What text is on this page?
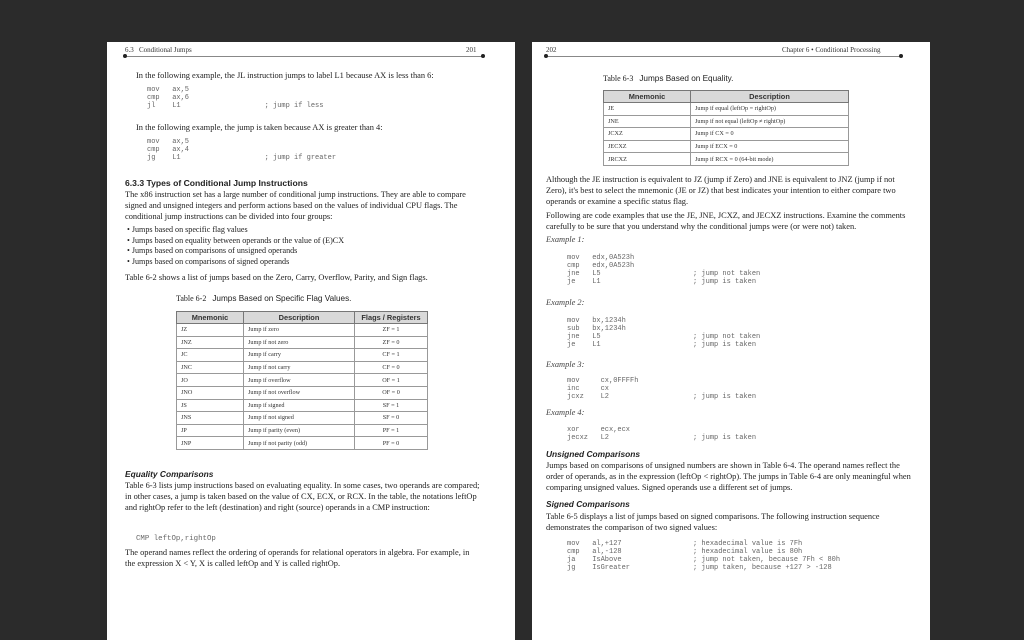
6.3 Conditional Jumps	201
In the following example, the JL instruction jumps to label L1 because AX is less than 6:
mov   ax,5
cmp   ax,6
jl    L1                    ; jump if less
In the following example, the jump is taken because AX is greater than 4:
mov   ax,5
cmp   ax,4
jg    L1                    ; jump if greater
6.3.3 Types of Conditional Jump Instructions
The x86 instruction set has a large number of conditional jump instructions. They are able to compare signed and unsigned integers and perform actions based on the values of individual CPU flags. The conditional jump instructions can be divided into four groups:
• Jumps based on specific flag values
• Jumps based on equality between operands or the value of (E)CX
• Jumps based on comparisons of unsigned operands
• Jumps based on comparisons of signed operands
Table 6-2 shows a list of jumps based on the Zero, Carry, Overflow, Parity, and Sign flags.
Table 6-2 Jumps Based on Specific Flag Values.
Mnemonic	Description	Flags / Registers
JZ	Jump if zero	ZF = 1
JNZ	Jump if not zero	ZF = 0
JC	Jump if carry	CF = 1
JNC	Jump if not carry	CF = 0
JO	Jump if overflow	OF = 1
JNO	Jump if not overflow	OF = 0
JS	Jump if signed	SF = 1
JNS	Jump if not signed	SF = 0
JP	Jump if parity (even)	PF = 1
JNP	Jump if not parity (odd)	PF = 0
Equality Comparisons
Table 6-3 lists jump instructions based on evaluating equality. In some cases, two operands are compared; in other cases, a jump is taken based on the value of CX, ECX, or RCX. In the table, the notations leftOp and rightOp refer to the left (destination) and right (source) operands in a CMP instruction:
CMP leftOp,rightOp
The operand names reflect the ordering of operands for relational operators in algebra. For example, in the expression X < Y, X is called leftOp and Y is called rightOp.
202	Chapter 6 • Conditional Processing
Table 6-3 Jumps Based on Equality.
Mnemonic	Description
JE	Jump if equal (leftOp = rightOp)
JNE	Jump if not equal (leftOp ≠ rightOp)
JCXZ	Jump if CX = 0
JECXZ	Jump if ECX = 0
JRCXZ	Jump if RCX = 0 (64-bit mode)
Although the JE instruction is equivalent to JZ (jump if Zero) and JNE is equivalent to JNZ (jump if not Zero), it's best to select the mnemonic (JE or JZ) that best indicates your intention to either compare two operands or examine a specific status flag.
Following are code examples that use the JE, JNE, JCXZ, and JECXZ instructions. Examine the comments carefully to be sure that you understand why the conditional jumps were (or were not) taken.
Example 1:
mov   edx,0A523h
cmp   edx,0A523h
jne   L5                      ; jump not taken
je    L1                      ; jump is taken
Example 2:
mov   bx,1234h
sub   bx,1234h
jne   L5                      ; jump not taken
je    L1                      ; jump is taken
Example 3:
mov     cx,0FFFFh
inc     cx
jcxz    L2                    ; jump is taken
Example 4:
xor     ecx,ecx
jecxz   L2                    ; jump is taken
Unsigned Comparisons
Jumps based on comparisons of unsigned numbers are shown in Table 6-4. The operand names reflect the order of operands, as in the expression (leftOp < rightOp). The jumps in Table 6-4 are only meaningful when comparing unsigned values. Signed operands use a different set of jumps.
Signed Comparisons
Table 6-5 displays a list of jumps based on signed comparisons. The following instruction sequence demonstrates the comparison of two signed values:
mov   al,+127                 ; hexadecimal value is 7Fh
cmp   al,-128                 ; hexadecimal value is 80h
ja    IsAbove                 ; jump not taken, because 7Fh < 80h
jg    IsGreater               ; jump taken, because +127 > -128
